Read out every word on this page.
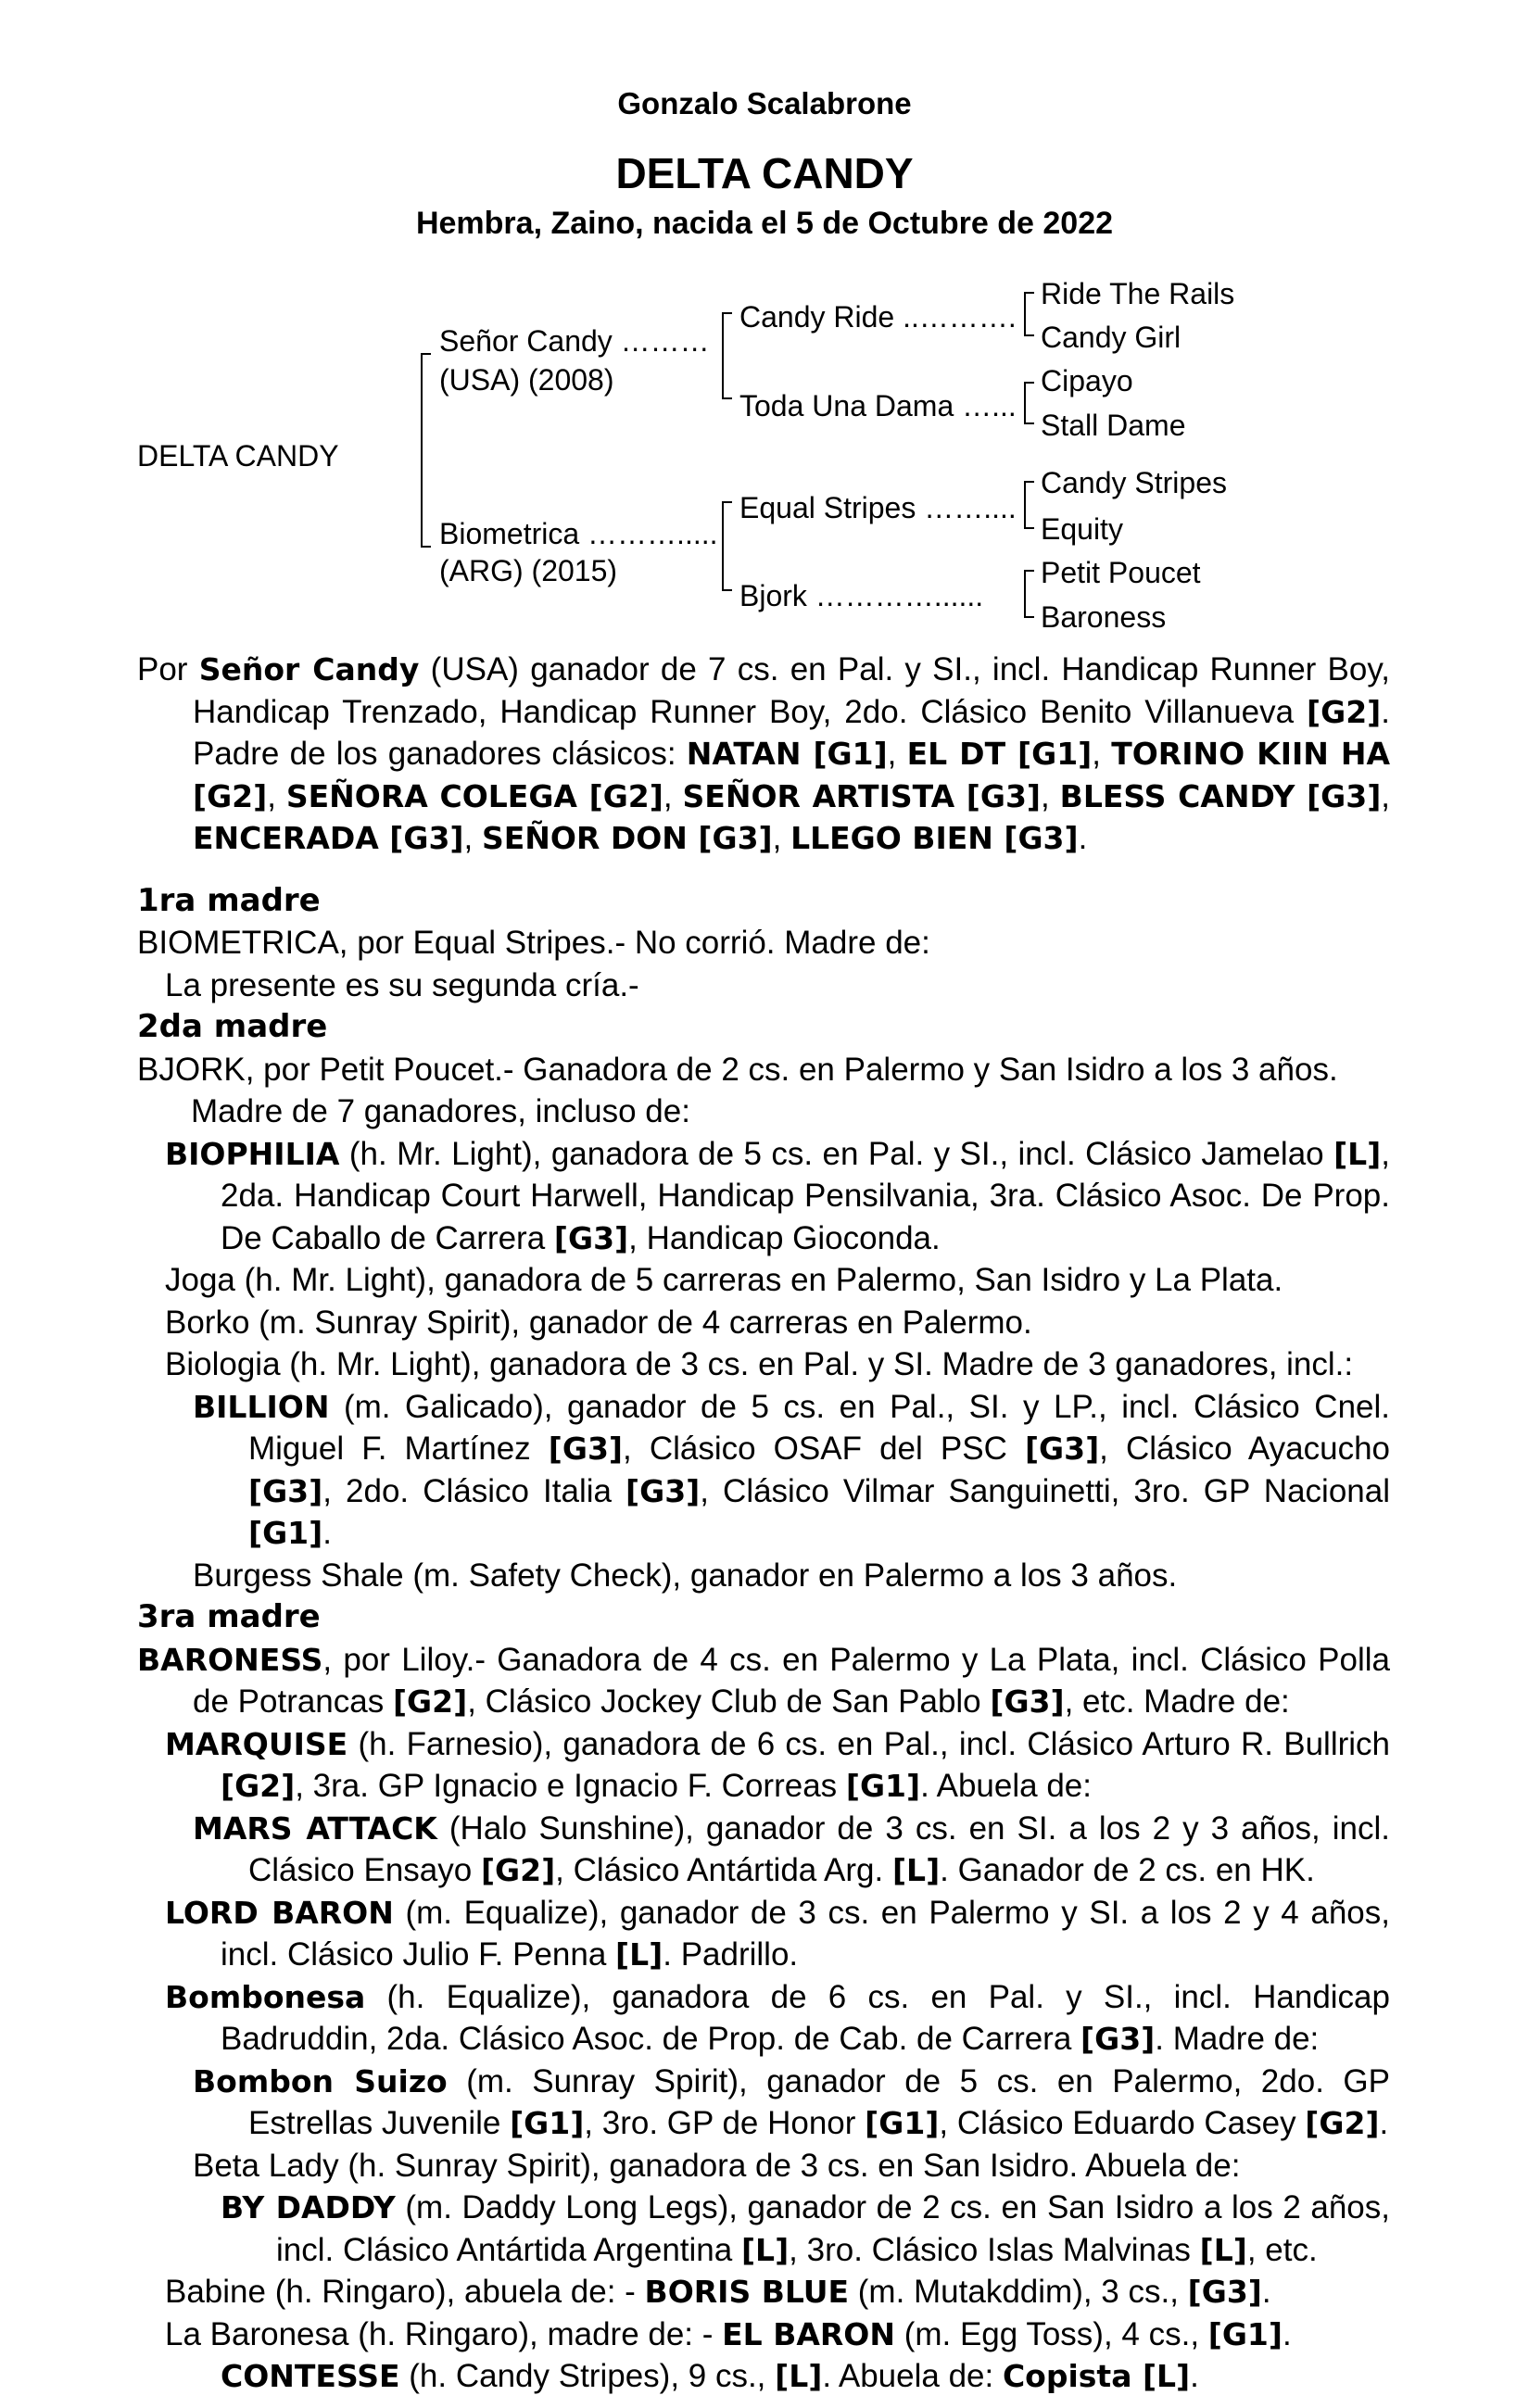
Gonzalo Scalabrone
DELTA CANDY
Hembra, Zaino, nacida el 5 de Octubre de 2022
DELTA CANDY
Señor Candy ………
(USA) (2008)
Biometrica ……….....
(ARG) (2015)
Candy Ride ..……….
Toda Una Dama …...
Equal Stripes ……....
Bjork …………......
Ride The Rails
Candy Girl
Cipayo
Stall Dame
Candy Stripes
Equity
Petit Poucet
Baroness
Por Señor Candy (USA) ganador de 7 cs. en Pal. y SI., incl. Handicap Runner Boy, Handicap Trenzado, Handicap Runner Boy, 2do. Clásico Benito Villanueva [G2]. Padre de los ganadores clásicos: NATAN [G1], EL DT [G1], TORINO KIIN HA [G2], SEÑORA COLEGA [G2], SEÑOR ARTISTA [G3], BLESS CANDY [G3], ENCERADA [G3], SEÑOR DON [G3], LLEGO BIEN [G3].
1ra madre
BIOMETRICA, por Equal Stripes.- No corrió. Madre de:
La presente es su segunda cría.-
2da madre
BJORK, por Petit Poucet.- Ganadora de 2 cs. en Palermo y San Isidro a los 3 años.
Madre de 7 ganadores, incluso de:
BIOPHILIA (h. Mr. Light), ganadora de 5 cs. en Pal. y SI., incl. Clásico Jamelao [L], 2da. Handicap Court Harwell, Handicap Pensilvania, 3ra. Clásico Asoc. De Prop. De Caballo de Carrera [G3], Handicap Gioconda.
Joga (h. Mr. Light), ganadora de 5 carreras en Palermo, San Isidro y La Plata.
Borko (m. Sunray Spirit), ganador de 4 carreras en Palermo.
Biologia (h. Mr. Light), ganadora de 3 cs. en Pal. y SI. Madre de 3 ganadores, incl.:
BILLION (m. Galicado), ganador de 5 cs. en Pal., SI. y LP., incl. Clásico Cnel. Miguel F. Martínez [G3], Clásico OSAF del PSC [G3], Clásico Ayacucho [G3], 2do. Clásico Italia [G3], Clásico Vilmar Sanguinetti, 3ro. GP Nacional [G1].
Burgess Shale (m. Safety Check), ganador en Palermo a los 3 años.
3ra madre
BARONESS, por Liloy.- Ganadora de 4 cs. en Palermo y La Plata, incl. Clásico Polla de Potrancas [G2], Clásico Jockey Club de San Pablo [G3], etc. Madre de:
MARQUISE (h. Farnesio), ganadora de 6 cs. en Pal., incl. Clásico Arturo R. Bullrich [G2], 3ra. GP Ignacio e Ignacio F. Correas [G1]. Abuela de:
MARS ATTACK (Halo Sunshine), ganador de 3 cs. en SI. a los 2 y 3 años, incl. Clásico Ensayo [G2], Clásico Antártida Arg. [L]. Ganador de 2 cs. en HK.
LORD BARON (m. Equalize), ganador de 3 cs. en Palermo y SI. a los 2 y 4 años, incl. Clásico Julio F. Penna [L]. Padrillo.
Bombonesa (h. Equalize), ganadora de 6 cs. en Pal. y SI., incl. Handicap Badruddin, 2da. Clásico Asoc. de Prop. de Cab. de Carrera [G3]. Madre de:
Bombon Suizo (m. Sunray Spirit), ganador de 5 cs. en Palermo, 2do. GP Estrellas Juvenile [G1], 3ro. GP de Honor [G1], Clásico Eduardo Casey [G2].
Beta Lady (h. Sunray Spirit), ganadora de 3 cs. en San Isidro. Abuela de:
BY DADDY (m. Daddy Long Legs), ganador de 2 cs. en San Isidro a los 2 años, incl. Clásico Antártida Argentina [L], 3ro. Clásico Islas Malvinas [L], etc.
Babine (h. Ringaro), abuela de: - BORIS BLUE (m. Mutakddim), 3 cs., [G3].
La Baronesa (h. Ringaro), madre de: - EL BARON (m. Egg Toss), 4 cs., [G1].
CONTESSE (h. Candy Stripes), 9 cs., [L]. Abuela de: Copista [L].
